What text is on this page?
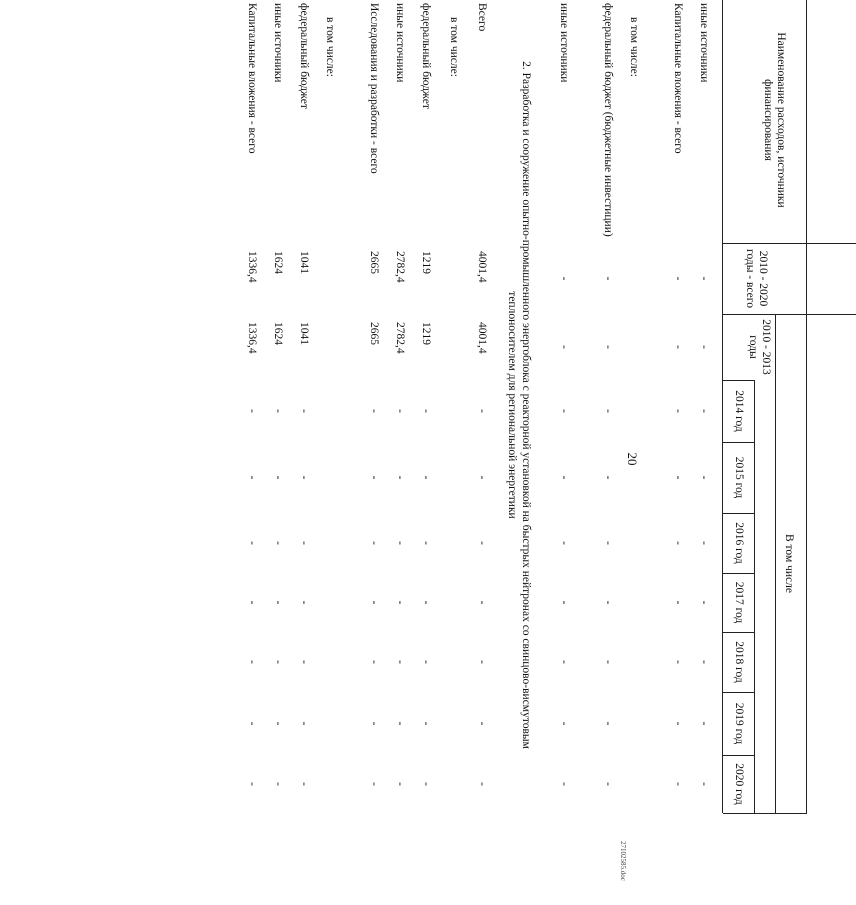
20
27102585.doc
Наименование расходов, источники финансирования
2010 - 2020 годы - всего
В том числе
2010 - 2013 годы
2014 год
2015 год
2016 год
2017 год
2018 год
2019 год
2020 год
иные источники
-
-
-
-
-
-
-
-
-
Капитальные вложения - всего
-
-
-
-
-
-
-
-
-
в том числе:
федеральный бюджет (бюджетные инвестиции)
-
-
-
-
-
-
-
-
-
иные источники
-
-
-
-
-
-
-
-
-
2. Разработка и сооружение опытно-промышленного энергоблока с реакторной установкой на быстрых нейтронах со свинцово-висмутовым теплоносителем для региональной энергетики
Всего
4001,4
4001,4
-
-
-
-
-
-
-
в том числе:
федеральный бюджет
1219
1219
-
-
-
-
-
-
-
иные источники
2782,4
2782,4
-
-
-
-
-
-
-
Исследования и разработки - всего
2665
2665
-
-
-
-
-
-
-
в том числе:
федеральный бюджет
1041
1041
-
-
-
-
-
-
-
иные источники
1624
1624
-
-
-
-
-
-
-
Капитальные вложения - всего
1336,4
1336,4
-
-
-
-
-
-
-
